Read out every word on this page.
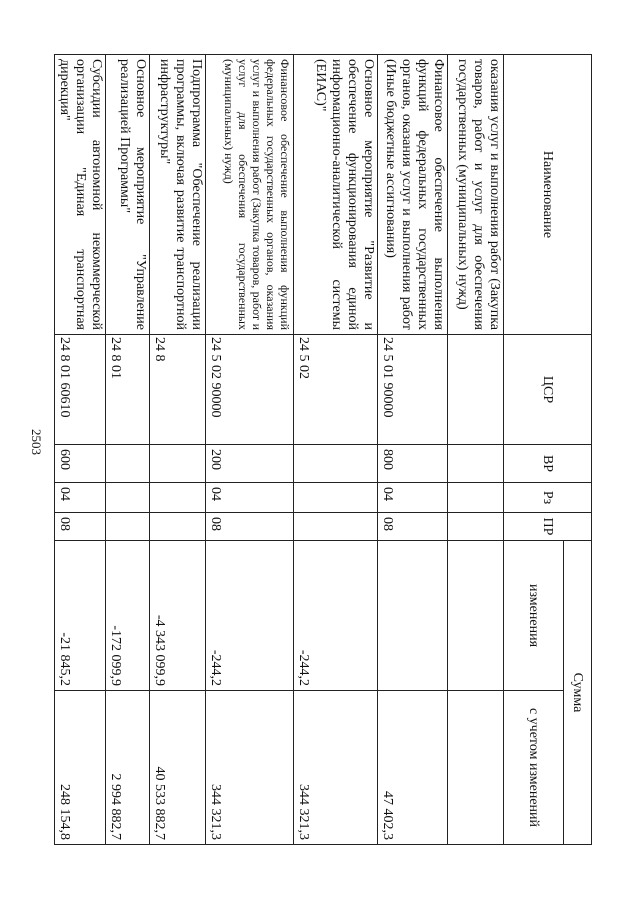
2503
Наименование	ЦСР	ВР	Рз	ПР	Сумма	
					изменения	с учетом изменений
оказания услуг и выполнения работ (Закупка товаров, работ и услуг для обеспечения государственных (муниципальных) нужд)						
Финансовое обеспечение выполнения функций федеральных государственных органов, оказания услуг и выполнения работ (Иные бюджетные ассигнования)	24 5 01 90000	800	04	08		47 402,3
Основное мероприятие "Развитие и обеспечение функционирования единой информационно-аналитической системы (ЕИАС)"	24 5 02				-244,2	344 321,3
Финансовое обеспечение выполнения функций федеральных государственных органов, оказания услуг и выполнения работ (Закупка товаров, работ и услуг для обеспечения государственных (муниципальных) нужд)	24 5 02 90000	200	04	08	-244,2	344 321,3
Подпрограмма "Обеспечение реализации программы, включая развитие транспортной инфраструктуры"	24 8				-4 343 099,9	40 533 882,7
Основное мероприятие "Управление реализацией Программы"	24 8 01				-172 099,9	2 994 882,7
Субсидии автономной некоммерческой организации "Единая транспортная дирекция"	24 8 01 60610	600	04	08	-21 845,2	248 154,8
